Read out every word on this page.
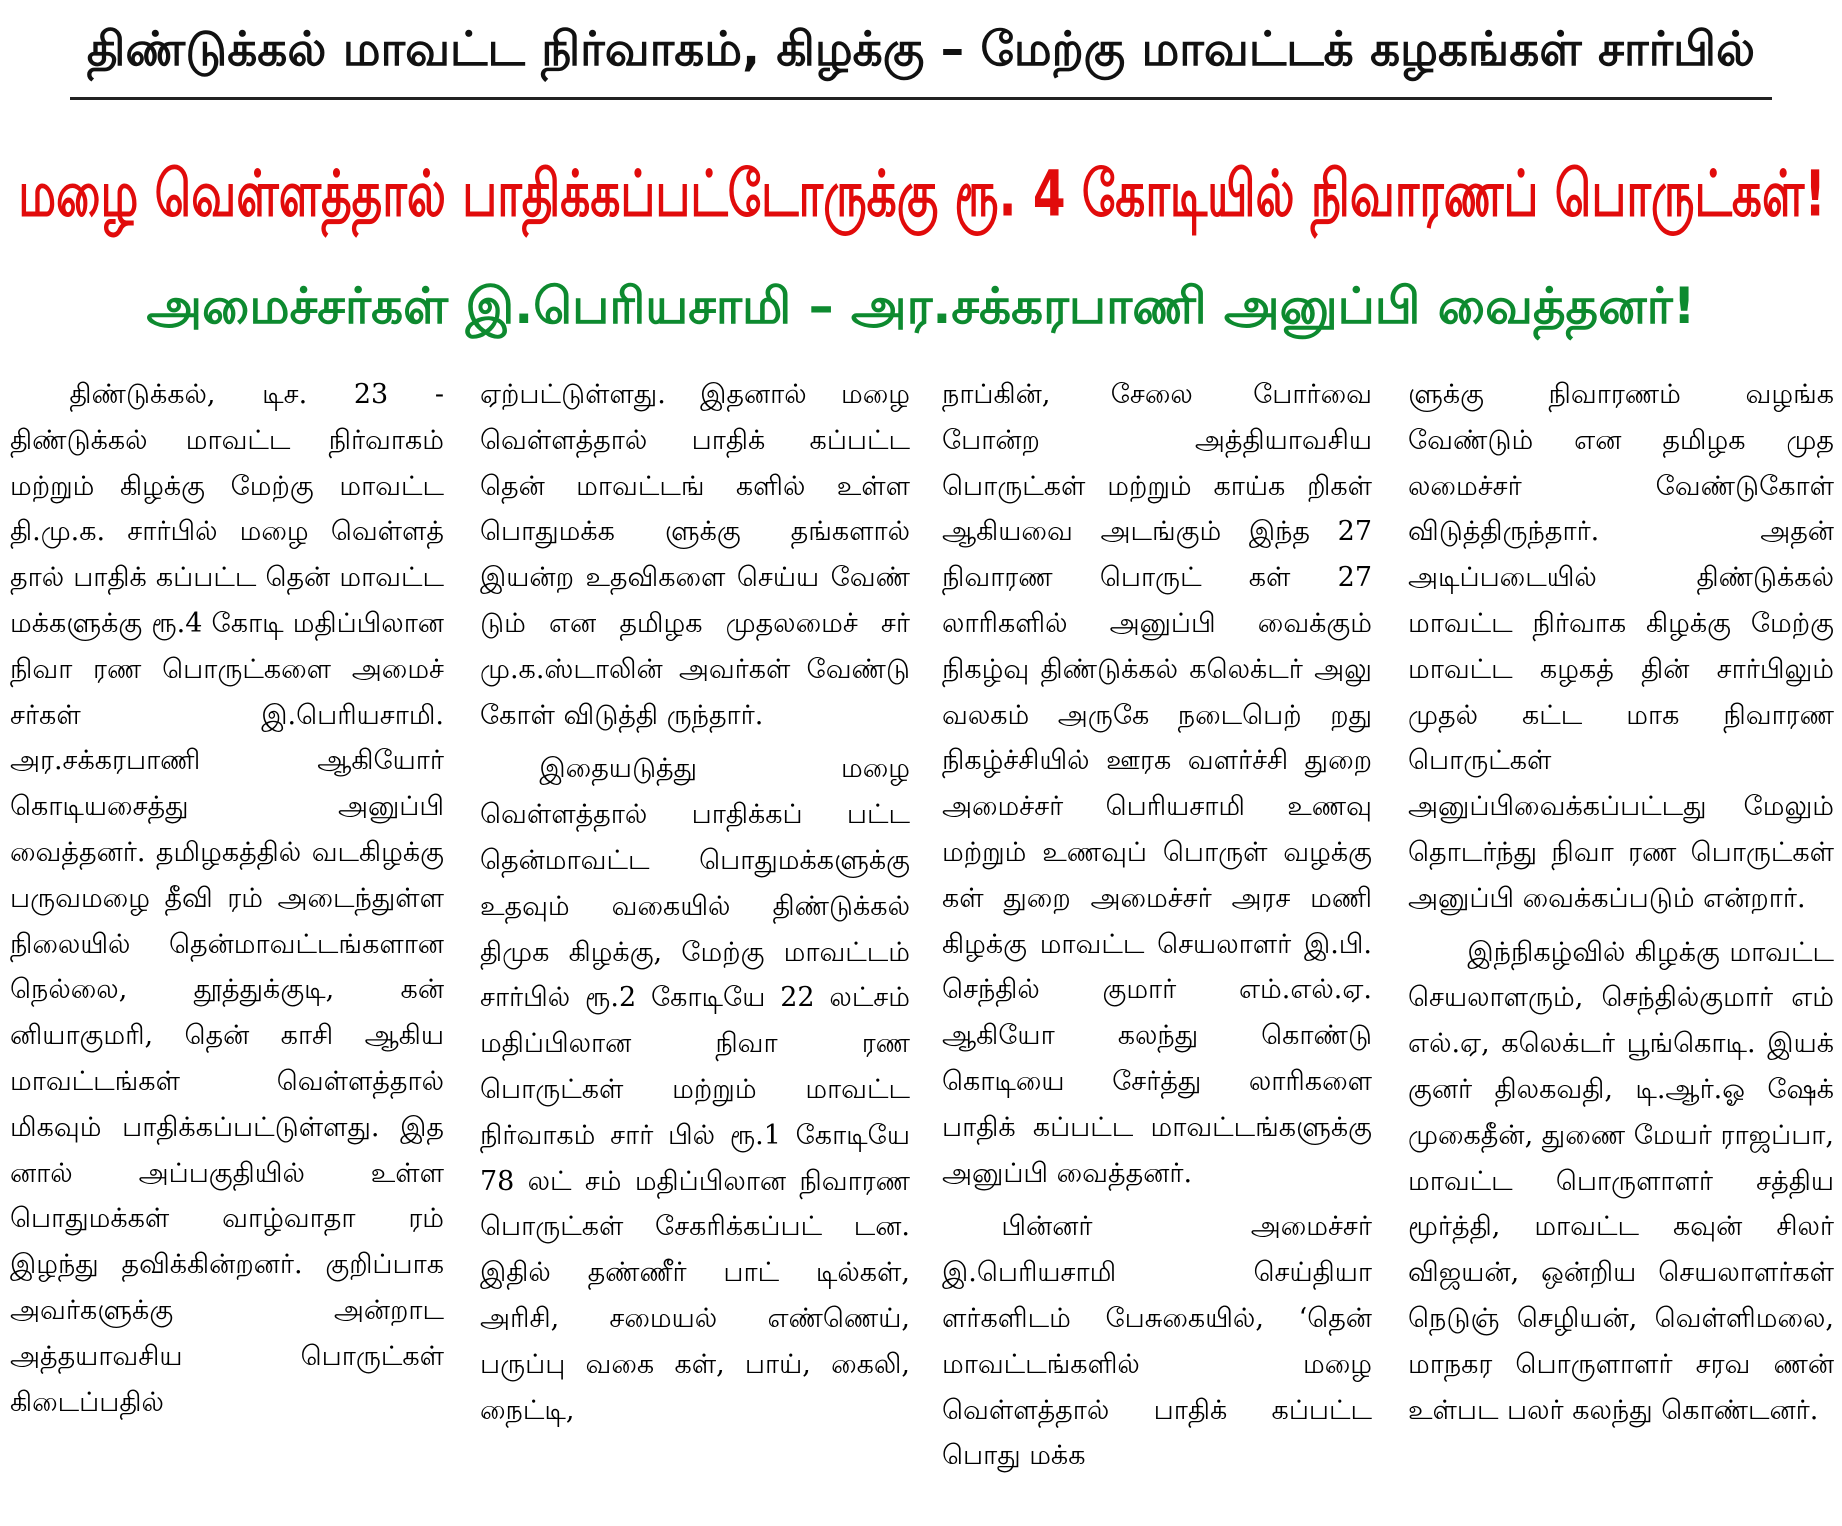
திண்டுக்கல் மாவட்ட நிர்வாகம், கிழக்கு – மேற்கு மாவட்டக் கழகங்கள் சார்பில்
மழை வெள்ளத்தால் பாதிக்கப்பட்டோருக்கு ரூ. 4 கோடியில் நிவாரணப் பொருட்கள்!
அமைச்சர்கள் இ.பெரியசாமி – அர.சக்கரபாணி அனுப்பி வைத்தனர்!

திண்டுக்கல், டிச. 23 - திண்டுக்கல் மாவட்ட நிர்வாகம் மற்றும் கிழக்கு மேற்கு மாவட்ட தி.மு.க. சார்பில் மழை வெள்ளத் தால் பாதிக் கப்பட்ட தென் மாவட்ட மக்களுக்கு ரூ.4 கோடி மதிப்பிலான நிவா ரண பொருட்களை அமைச் சர்கள் இ.பெரியசாமி. அர.சக்கரபாணி ஆகியோர் கொடியசைத்து அனுப்பி வைத்தனர். தமிழகத்தில் வடகிழக்கு பருவமழை தீவி ரம் அடைந்துள்ள நிலையில் தென்மாவட்டங்களான நெல்லை, தூத்துக்குடி, கன் னியாகுமரி, தென் காசி ஆகிய மாவட்டங்கள் வெள்ளத்தால் மிகவும் பாதிக்கப்பட்டுள்ளது. இத னால் அப்பகுதியில் உள்ள பொதுமக்கள் வாழ்வாதா ரம் இழந்து தவிக்கின்றனர். குறிப்பாக அவர்களுக்கு அன்றாட அத்தயாவசிய பொருட்கள் கிடைப்பதில்

ஏற்பட்டுள்ளது. இதனால் மழை வெள்ளத்தால் பாதிக் கப்பட்ட தென் மாவட்டங் களில் உள்ள பொதுமக்க ளுக்கு தங்களால் இயன்ற உதவிகளை செய்ய வேண் டும் என தமிழக முதலமைச் சர் மு.க.ஸ்டாலின் அவர்கள் வேண்டு கோள் விடுத்தி ருந்தார்.

இதையடுத்து மழை வெள்ளத்தால் பாதிக்கப் பட்ட தென்மாவட்ட பொதுமக்களுக்கு உதவும் வகையில் திண்டுக்கல் திமுக கிழக்கு, மேற்கு மாவட்டம் சார்பில் ரூ.2 கோடியே 22 லட்சம் மதிப்பிலான நிவா ரண பொருட்கள் மற்றும் மாவட்ட நிர்வாகம் சார் பில் ரூ.1 கோடியே 78 லட் சம் மதிப்பிலான நிவாரண பொருட்கள் சேகரிக்கப்பட் டன. இதில் தண்ணீர் பாட் டில்கள், அரிசி, சமையல் எண்ணெய், பருப்பு வகை கள், பாய், கைலி, நைட்டி,

நாப்கின், சேலை போர்வை போன்ற அத்தியாவசிய பொருட்கள் மற்றும் காய்க றிகள் ஆகியவை அடங்கும் இந்த 27 நிவாரண பொருட் கள் 27 லாரிகளில் அனுப்பி வைக்கும் நிகழ்வு திண்டுக்கல் கலெக்டர் அலு வலகம் அருகே நடைபெற் றது நிகழ்ச்சியில் ஊரக வளர்ச்சி துறை அமைச்சர் பெரியசாமி உணவு மற்றும் உணவுப் பொருள் வழக்கு கள் துறை அமைச்சர் அரச மணி கிழக்கு மாவட்ட செயலாளர் இ.பி. செந்தில் குமார் எம்.எல்.ஏ. ஆகியோ கலந்து கொண்டு கொடியை சேர்த்து லாரிகளை பாதிக் கப்பட்ட மாவட்டங்களுக்கு அனுப்பி வைத்தனர்.

பின்னர் அமைச்சர் இ.பெரியசாமி செய்தியா ளர்களிடம் பேசுகையில், ‘தென் மாவட்டங்களில் மழை வெள்ளத்தால் பாதிக் கப்பட்ட பொது மக்க

ளுக்கு நிவாரணம் வழங்க வேண்டும் என தமிழக முத லமைச்சர் வேண்டுகோள் விடுத்திருந்தார். அதன் அடிப்படையில் திண்டுக்கல் மாவட்ட நிர்வாக கிழக்கு மேற்கு மாவட்ட கழகத் தின் சார்பிலும் முதல் கட்ட மாக நிவாரண பொருட்கள் அனுப்பிவைக்கப்பட்டது மேலும் தொடர்ந்து நிவா ரண பொருட்கள் அனுப்பி வைக்கப்படும் என்றார்.

இந்நிகழ்வில் கிழக்கு மாவட்ட செயலாளரும், செந்தில்குமார் எம் எல்.ஏ, கலெக்டர் பூங்கொடி. இயக் குனர் திலகவதி, டி.ஆர்.ஓ ஷேக் முகைதீன், துணை மேயர் ராஜப்பா, மாவட்ட பொருளாளர் சத்திய மூர்த்தி, மாவட்ட கவுன் சிலர் விஜயன், ஒன்றிய செயலாளர்கள் நெடுஞ் செழியன், வெள்ளிமலை, மாநகர பொருளாளர் சரவ ணன் உள்பட பலர் கலந்து கொண்டனர்.
